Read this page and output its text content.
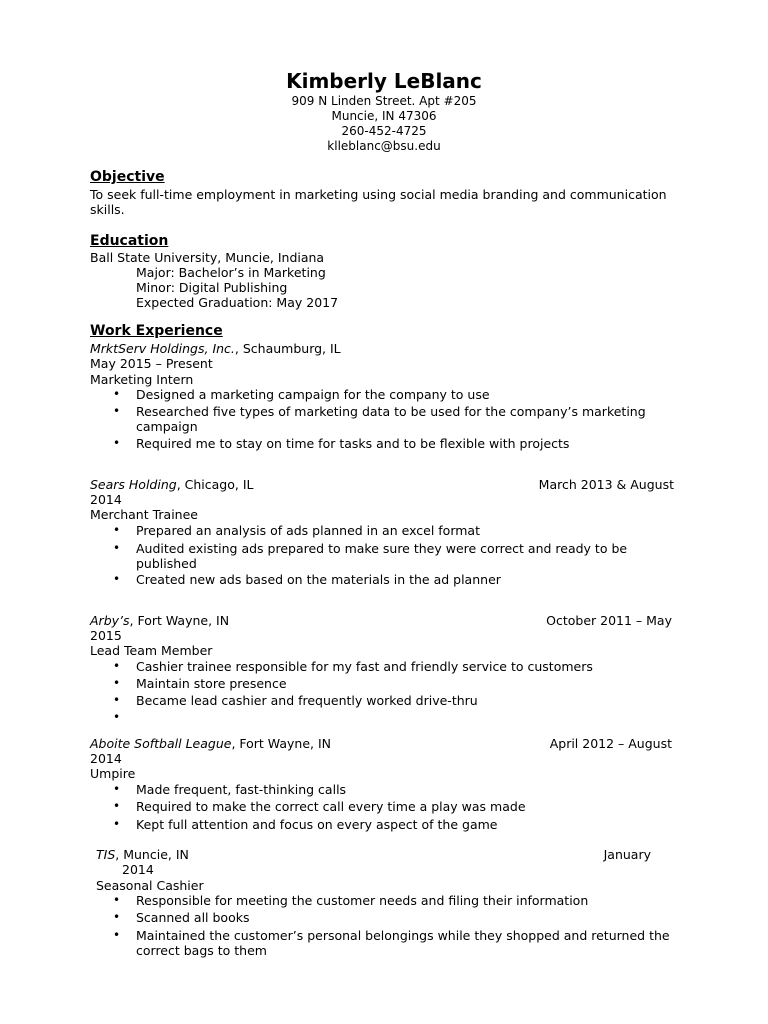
Kimberly LeBlanc
909 N Linden Street. Apt #205
Muncie, IN 47306
260-452-4725
klleblanc@bsu.edu
Objective
To seek full-time employment in marketing using social media branding and communication
skills.
Education
Ball State University, Muncie, Indiana
Major: Bachelor’s in Marketing
Minor: Digital Publishing
Expected Graduation: May 2017
Work Experience
MrktServ Holdings, Inc., Schaumburg, IL
May 2015 – Present
Marketing Intern
• Designed a marketing campaign for the company to use
• Researched five types of marketing data to be used for the company’s marketing
campaign
• Required me to stay on time for tasks and to be flexible with projects
Sears Holding, Chicago, IL	March 2013 & August
2014
Merchant Trainee
• Prepared an analysis of ads planned in an excel format
• Audited existing ads prepared to make sure they were correct and ready to be
published
• Created new ads based on the materials in the ad planner
Arby’s, Fort Wayne, IN	October 2011 – May
2015
Lead Team Member
• Cashier trainee responsible for my fast and friendly service to customers
• Maintain store presence
• Became lead cashier and frequently worked drive-thru
•
Aboite Softball League, Fort Wayne, IN	April 2012 – August
2014
Umpire
• Made frequent, fast-thinking calls
• Required to make the correct call every time a play was made
• Kept full attention and focus on every aspect of the game
TIS, Muncie, IN	January
2014
Seasonal Cashier
• Responsible for meeting the customer needs and filing their information
• Scanned all books
• Maintained the customer’s personal belongings while they shopped and returned the
correct bags to them
